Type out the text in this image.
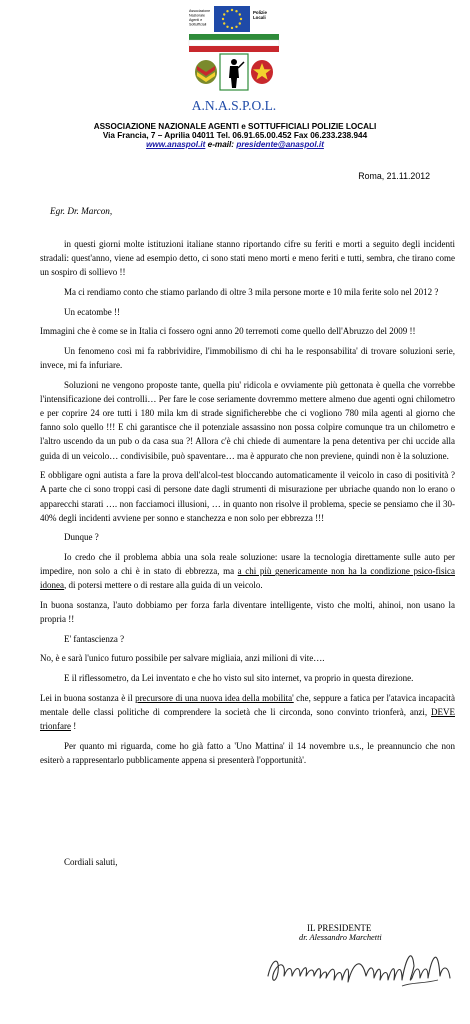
Associazione
Nazionale
Agenti e
Sottufficiali
Polizie Locali
A.N.A.S.P.O.L.
ASSOCIAZIONE NAZIONALE AGENTI e SOTTUFFICIALI POLIZIE LOCALI
Via Francia, 7 – Aprilia 04011 Tel. 06.91.65.00.452 Fax 06.233.238.944
www.anaspol.it e-mail: presidente@anaspol.it
Roma, 21.11.2012
Egr. Dr. Marcon,

in questi giorni molte istituzioni italiane stanno riportando cifre su feriti e morti a seguito degli incidenti stradali: quest'anno, viene ad esempio detto, ci sono stati meno morti e meno feriti e tutti, sembra, che tirano come un sospiro di sollievo !!

Ma ci rendiamo conto che stiamo parlando di oltre 3 mila persone morte e 10 mila ferite solo nel 2012 ?

Un ecatombe !!

Immagini che è come se in Italia ci fossero ogni anno 20 terremoti come quello dell'Abruzzo del 2009 !!

Un fenomeno così mi fa rabbrividire, l'immobilismo di chi ha le responsabilita' di trovare soluzioni serie, invece, mi fa infuriare.

Soluzioni ne vengono proposte tante, quella piu' ridicola e ovviamente più gettonata è quella che vorrebbe l'intensificazione dei controlli… Per fare le cose seriamente dovremmo mettere almeno due agenti ogni chilometro e per coprire 24 ore tutti i 180 mila km di strade significherebbe che ci vogliono 780 mila agenti al giorno che fanno solo quello !!! E chi garantisce che il potenziale assassino non possa colpire comunque tra un chilometro e l'altro uscendo da un pub o da casa sua ?! Allora c'è chi chiede di aumentare la pena detentiva per chi uccide alla guida di un veicolo… condivisibile, può spaventare… ma è appurato che non previene, quindi non è la soluzione.

E obbligare ogni autista a fare la prova dell'alcol-test bloccando automaticamente il veicolo in caso di positività ? A parte che ci sono troppi casi di persone date dagli strumenti di misurazione per ubriache quando non lo erano o apparecchi starati …. non facciamoci illusioni, … in quanto non risolve il problema, specie se pensiamo che il 30-40% degli incidenti avviene per sonno e stanchezza e non solo per ebbrezza !!!

Dunque ?

Io credo che il problema abbia una sola reale soluzione: usare la tecnologia direttamente sulle auto per impedire, non solo a chi è in stato di ebbrezza, ma a chi più genericamente non ha la condizione psico-fisica idonea, di potersi mettere o di restare alla guida di un veicolo.

In buona sostanza, l'auto dobbiamo per forza farla diventare intelligente, visto che molti, ahinoi, non usano la propria !!

E' fantascienza ?

No, è e sarà l'unico futuro possibile per salvare migliaia, anzi milioni di vite….

E il riflessometro, da Lei inventato e che ho visto sul sito internet, va proprio in questa direzione.

Lei in buona sostanza è il precursore di una nuova idea della mobilita' che, seppure a fatica per l'atavica incapacità mentale delle classi politiche di comprendere la società che li circonda, sono convinto trionferà, anzi, DEVE trionfare !

Per quanto mi riguarda, come ho già fatto a 'Uno Mattina' il 14 novembre u.s., le preannuncio che non esiterò a rappresentarlo pubblicamente appena si presenterà l'opportunità'.

Cordiali saluti,
IL PRESIDENTE
dr. Alessandro Marchetti
